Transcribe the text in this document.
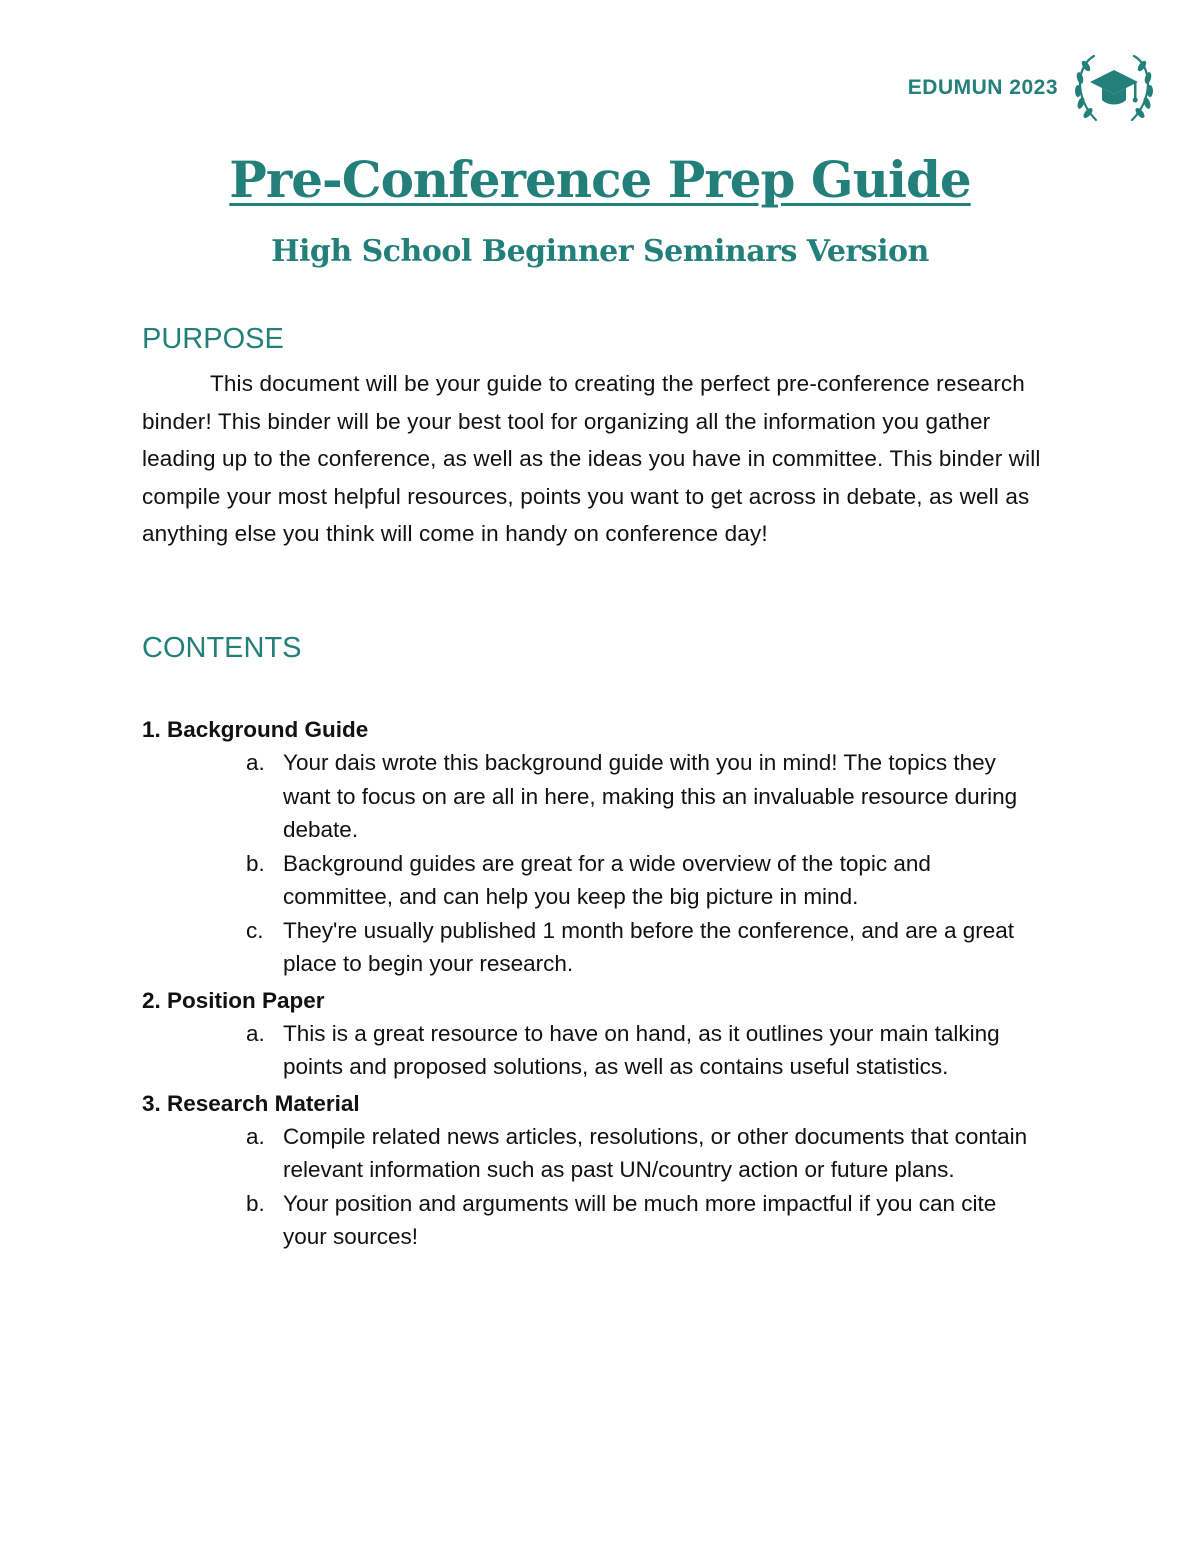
EDUMUN 2023
Pre-Conference Prep Guide
High School Beginner Seminars Version
PURPOSE

This document will be your guide to creating the perfect pre-conference research binder! This binder will be your best tool for organizing all the information you gather leading up to the conference, as well as the ideas you have in committee. This binder will compile your most helpful resources, points you want to get across in debate, as well as anything else you think will come in handy on conference day!

CONTENTS

1. Background Guide

a. Your dais wrote this background guide with you in mind! The topics they want to focus on are all in here, making this an invaluable resource during debate.
b. Background guides are great for a wide overview of the topic and committee, and can help you keep the big picture in mind.
c. They're usually published 1 month before the conference, and are a great place to begin your research.

2. Position Paper

a. This is a great resource to have on hand, as it outlines your main talking points and proposed solutions, as well as contains useful statistics.

3. Research Material

a. Compile related news articles, resolutions, or other documents that contain relevant information such as past UN/country action or future plans.
b. Your position and arguments will be much more impactful if you can cite your sources!
